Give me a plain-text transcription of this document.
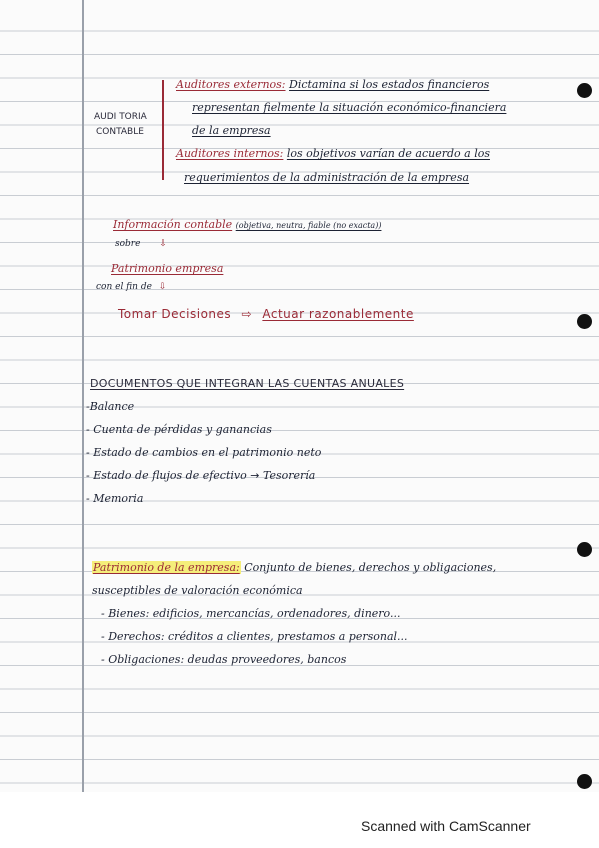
AUDI TORIA
CONTABLE
Auditores externos: Dictamina si los estados financieros
representan fielmente la situación económico-financiera
de la empresa
Auditores internos: los objetivos varían de acuerdo a los
requerimientos de la administración de la empresa
Información contable (objetiva, neutra, fiable (no exacta))
sobre ⇩
Patrimonio empresa
con el fin de ⇩
Tomar Decisiones ⇨ Actuar razonablemente
DOCUMENTOS QUE INTEGRAN LAS CUENTAS ANUALES
-Balance
- Cuenta de pérdidas y ganancias
- Estado de cambios en el patrimonio neto
- Estado de flujos de efectivo → Tesorería
- Memoria
Patrimonio de la empresa: Conjunto de bienes, derechos y obligaciones,
susceptibles de valoración económica
- Bienes: edificios, mercancías, ordenadores, dinero...
- Derechos: créditos a clientes, prestamos a personal...
- Obligaciones: deudas proveedores, bancos
Scanned with CamScanner
